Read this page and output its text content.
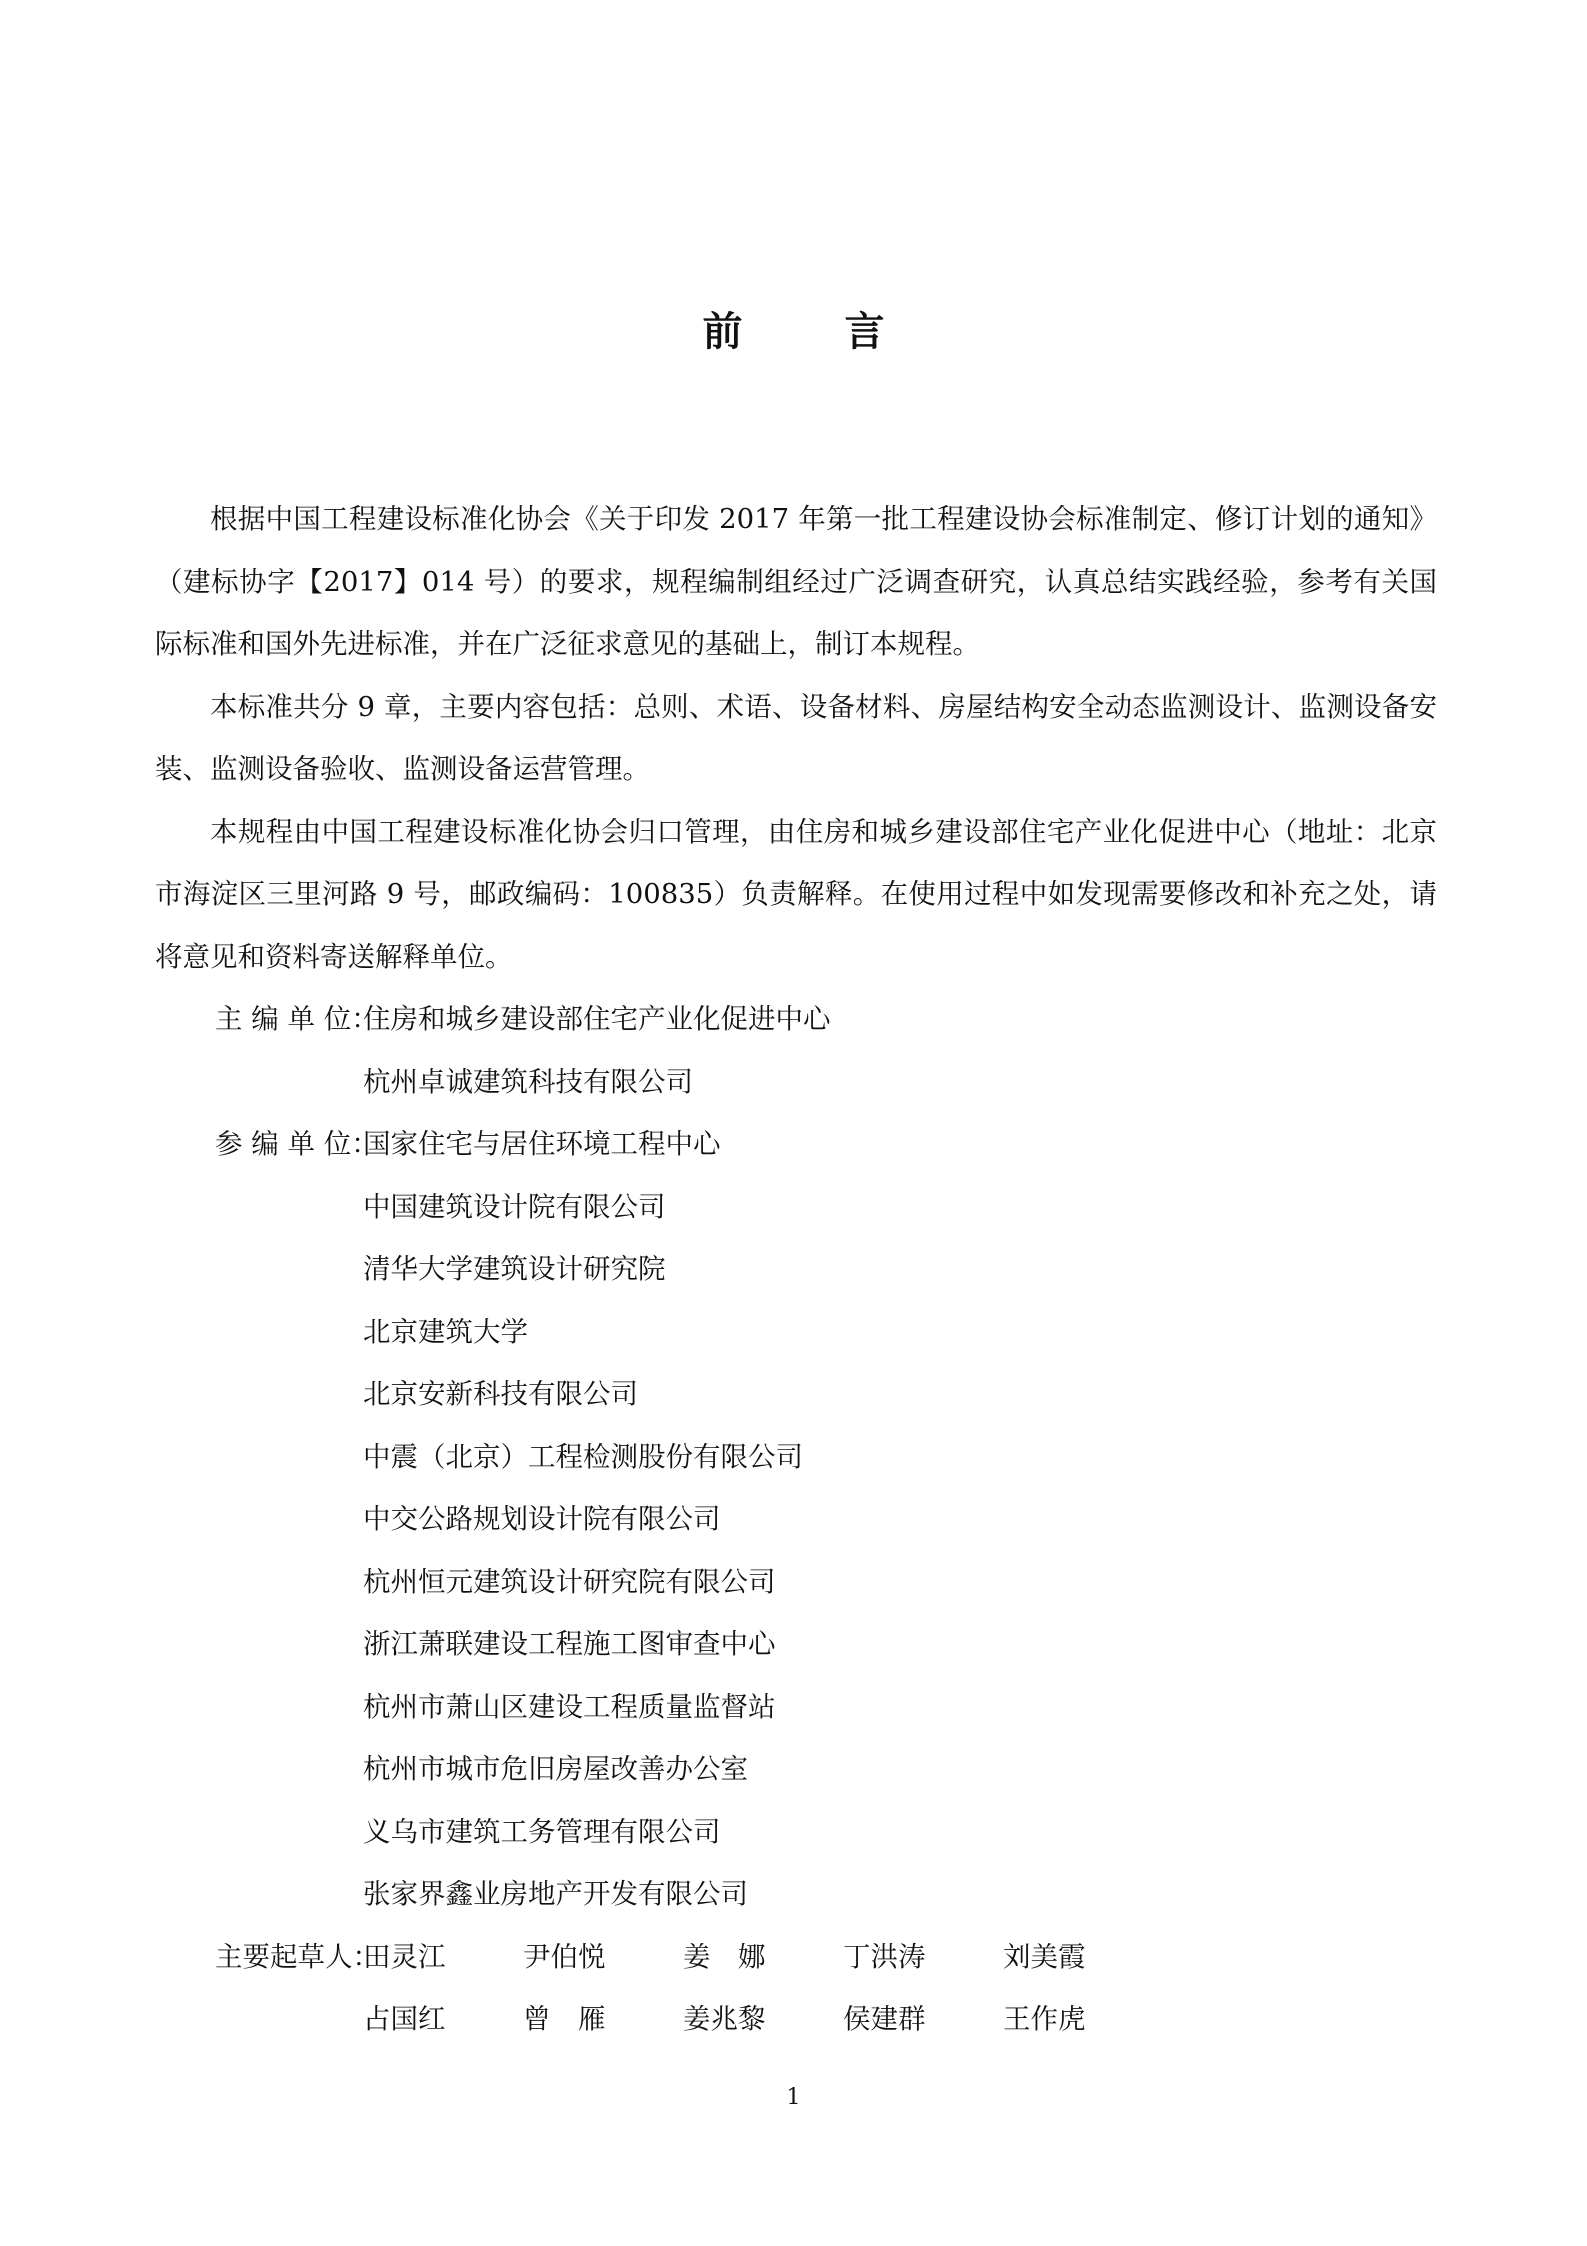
前 言

根据中国工程建设标准化协会《关于印发 2017 年第一批工程建设协会标准制定、修订计划的通知》（建标协字【2017】014 号）的要求，规程编制组经过广泛调查研究，认真总结实践经验，参考有关国际标准和国外先进标准，并在广泛征求意见的基础上，制订本规程。

本标准共分 9 章，主要内容包括：总则、术语、设备材料、房屋结构安全动态监测设计、监测设备安装、监测设备验收、监测设备运营管理。

本规程由中国工程建设标准化协会归口管理，由住房和城乡建设部住宅产业化促进中心（地址：北京市海淀区三里河路 9 号，邮政编码：100835）负责解释。在使用过程中如发现需要修改和补充之处，请将意见和资料寄送解释单位。

主 编 单 位：
住房和城乡建设部住宅产业化促进中心
杭州卓诚建筑科技有限公司
参 编 单 位：
国家住宅与居住环境工程中心
中国建筑设计院有限公司
清华大学建筑设计研究院
北京建筑大学
北京安新科技有限公司
中震（北京）工程检测股份有限公司
中交公路规划设计院有限公司
杭州恒元建筑设计研究院有限公司
浙江萧联建设工程施工图审查中心
杭州市萧山区建设工程质量监督站
杭州市城市危旧房屋改善办公室
义乌市建筑工务管理有限公司
张家界鑫业房地产开发有限公司
主要起草人：
田灵江	尹伯悦	姜　娜	丁洪涛	刘美霞
占国红	曾　雁	姜兆黎	侯建群	王作虎
1
